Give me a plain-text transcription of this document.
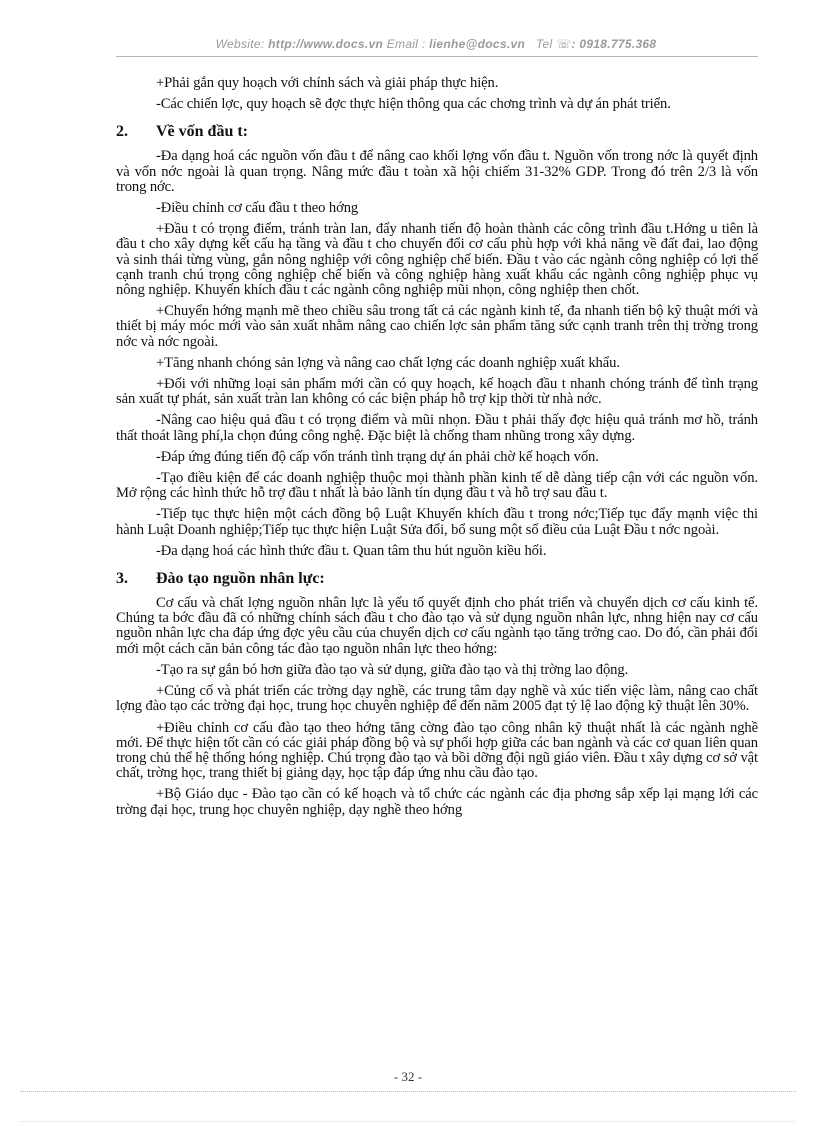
Website: http://www.docs.vn Email : lienhe@docs.vn Tel ☏: 0918.775.368

+Phải gắn quy hoạch với chính sách và giải pháp thực hiện.

-Các chiến lợc, quy hoạch sẽ đợc thực hiện thông qua các chơng trình và dự án phát triển.

2. Về vốn đầu t:

-Đa dạng hoá các nguồn vốn đầu t để nâng cao khối lợng vốn đầu t. Nguồn vốn trong nớc là quyết định và vốn nớc ngoài là quan trọng. Nâng mức đầu t toàn xã hội chiếm 31-32% GDP. Trong đó trên 2/3 là vốn trong nớc.

-Điều chỉnh cơ cấu đầu t theo hớng

+Đầu t có trọng điểm, tránh tràn lan, đẩy nhanh tiến độ hoàn thành các công trình đầu t.Hớng u tiên là đầu t cho xây dựng kết cấu hạ tầng và đầu t cho chuyển đổi cơ cấu phù hợp với khả năng về đất đai, lao động và sinh thái từng vùng, gắn nông nghiệp với công nghiệp chế biến. Đầu t vào các ngành công nghiệp có lợi thế cạnh tranh chú trọng công nghiệp chế biến và công nghiệp hàng xuất khẩu các ngành công nghiệp phục vụ nông nghiệp. Khuyến khích đầu t các ngành công nghiệp mũi nhọn, công nghiệp then chốt.

+Chuyển hớng mạnh mẽ theo chiều sâu trong tất cả các ngành kinh tế, đa nhanh tiến bộ kỹ thuật mới và thiết bị máy móc mới vào sản xuất nhằm nâng cao chiến lợc sản phẩm tăng sức cạnh tranh trên thị trờng trong nớc và nớc ngoài.

+Tăng nhanh chóng sản lợng và nâng cao chất lợng các doanh nghiệp xuất khẩu.

+Đối với những loại sản phẩm mới cần có quy hoạch, kế hoạch đầu t nhanh chóng tránh để tình trạng sản xuất tự phát, sản xuất tràn lan không có các biện pháp hỗ trợ kịp thời từ nhà nớc.

-Nâng cao hiệu quả đầu t có trọng điểm và mũi nhọn. Đầu t phải thấy đợc hiệu quả tránh mơ hồ, tránh thất thoát lãng phí,la chọn đúng công nghệ. Đặc biệt là chống tham nhũng trong xây dựng.

-Đáp ứng đúng tiến độ cấp vốn tránh tình trạng dự án phải chờ kế hoạch vốn.

-Tạo điều kiện để các doanh nghiệp thuộc mọi thành phần kinh tế dễ dàng tiếp cận với các nguồn vốn. Mở rộng các hình thức hỗ trợ đầu t nhất là bảo lãnh tín dụng đầu t và hỗ trợ sau đầu t.

-Tiếp tục thực hiện một cách đồng bộ Luật Khuyến khích đầu t trong nớc;Tiếp tục đẩy mạnh việc thi hành Luật Doanh nghiệp;Tiếp tục thực hiện Luật Sửa đổi, bổ sung một số điều của Luật Đầu t nớc ngoài.

-Đa dạng hoá các hình thức đầu t. Quan tâm thu hút nguồn kiều hối.

3. Đào tạo nguồn nhân lực:

Cơ cấu và chất lợng nguồn nhân lực là yếu tố quyết định cho phát triển và chuyển dịch cơ cấu kinh tế. Chúng ta bớc đầu đã có những chính sách đầu t cho đào tạo và sử dụng nguồn nhân lực, nhng hiện nay cơ cấu nguồn nhân lực cha đáp ứng đợc yêu cầu của chuyển dịch cơ cấu ngành tạo tăng trởng cao. Do đó, cần phải đổi mới một cách căn bản công tác đào tạo nguồn nhân lực theo hớng:

-Tạo ra sự gắn bó hơn giữa đào tạo và sử dụng, giữa đào tạo và thị trờng lao động.

+Củng cố và phát triển các trờng dạy nghề, các trung tâm dạy nghề và xúc tiến việc làm, nâng cao chất lợng đào tạo các trờng đại học, trung học chuyên nghiệp để đến năm 2005 đạt tỷ lệ lao động kỹ thuật lên 30%.

+Điều chỉnh cơ cấu đào tạo theo hớng tăng cờng đào tạo công nhân kỹ thuật nhất là các ngành nghề mới. Để thực hiện tốt cần có các giải pháp đồng bộ và sự phối hợp giữa các ban ngành và các cơ quan liên quan trong chủ thể hệ thống hóng nghiệp. Chú trọng đào tạo và bồi dỡng đội ngũ giáo viên. Đầu t xây dựng cơ sở vật chất, trờng học, trang thiết bị giảng dạy, học tập đáp ứng nhu cầu đào tạo.

+Bộ Giáo dục - Đào tạo cần có kế hoạch và tổ chức các ngành các địa phơng sắp xếp lại mạng lới các trờng đại học, trung học chuyên nghiệp, dạy nghề theo hớng

- 32 -
